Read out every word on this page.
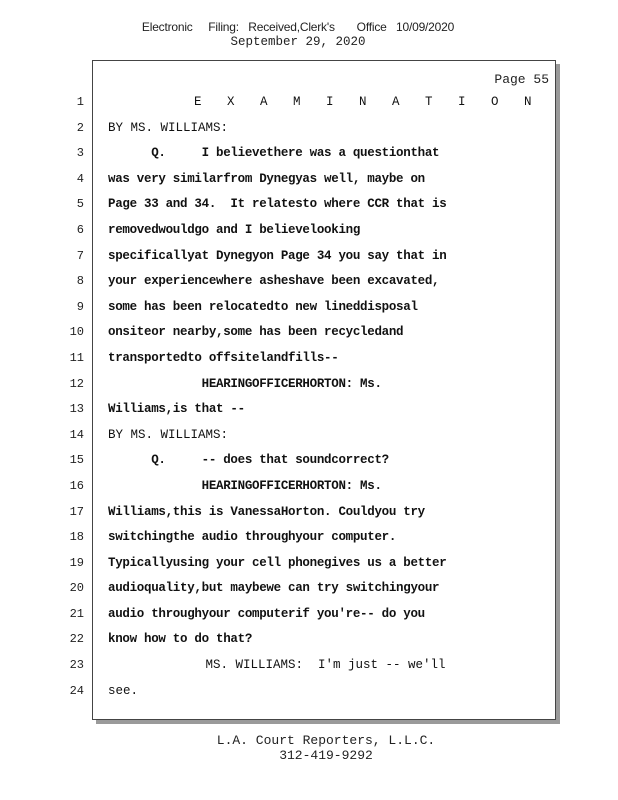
Electronic     Filing:   Received,Clerk's       Office   10/09/2020
September 29, 2020
Page 55
1
2
3
4
5
6
7
8
9
10
11
12
13
14
15
16
17
18
19
20
21
22
23
24
E X A M I N A T I O N
BY MS. WILLIAMS:
Q.     I believethere was a questionthat
was very similarfrom Dynegyas well, maybe on
Page 33 and 34.  It relatesto where CCR that is
removedwouldgo and I believelooking
specificallyat Dynegyon Page 34 you say that in
your experiencewhere asheshave been excavated,
some has been relocatedto new lineddisposal
onsiteor nearby,some has been recycledand
transportedto offsitelandfills--
HEARINGOFFICERHORTON: Ms.
Williams,is that --
BY MS. WILLIAMS:
Q.     -- does that soundcorrect?
HEARINGOFFICERHORTON: Ms.
Williams,this is VanessaHorton. Couldyou try
switchingthe audio throughyour computer.
Typicallyusing your cell phonegives us a better
audioquality,but maybewe can try switchingyour
audio throughyour computerif you're-- do you
know how to do that?
MS. WILLIAMS:  I'm just -- we'll
see.
L.A. Court Reporters, L.L.C.
312-419-9292
